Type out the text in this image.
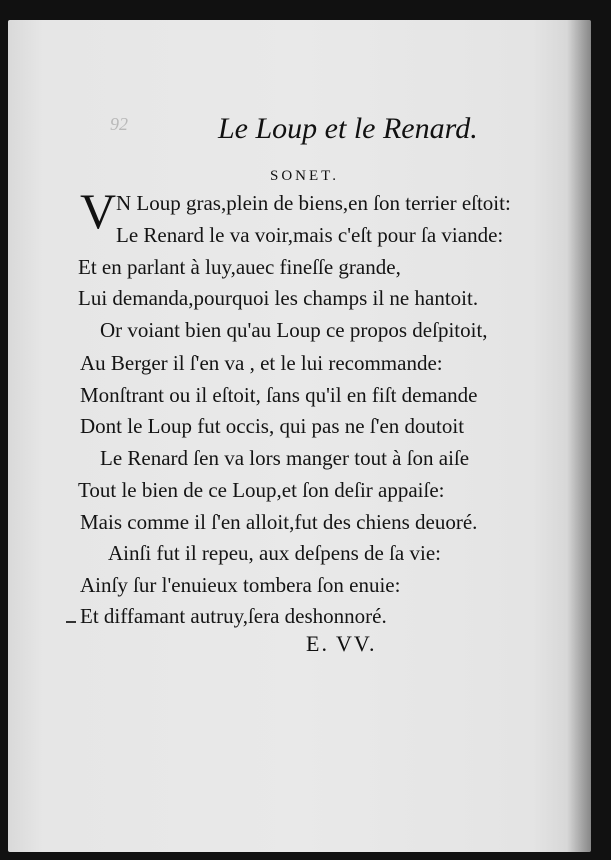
92	Le Loup et le Renard.
SONET.
V N Loup gras,plein de biens,en ſon terrier eſtoit:
Le Renard le va voir,mais c'eſt pour ſa viande:
Et en parlant à luy,auec fineſſe grande,
Lui demanda,pourquoi les champs il ne hantoit.
Or voiant bien qu'au Loup ce propos deſpitoit,
Au Berger il ſ'en va , et le lui recommande:
Monſtrant ou il eſtoit, ſans qu'il en fiſt demande
Dont le Loup fut occis, qui pas ne ſ'en doutoit
Le Renard ſen va lors manger tout à ſon aiſe
Tout le bien de ce Loup,et ſon deſir appaiſe:
Mais comme il ſ'en alloit,fut des chiens deuoré.
Ainſi fut il repeu, aux deſpens de ſa vie:
Ainſy ſur l'enuieux tombera ſon enuie:
Et diffamant autruy,ſera deshonnoré.
E. VV.
